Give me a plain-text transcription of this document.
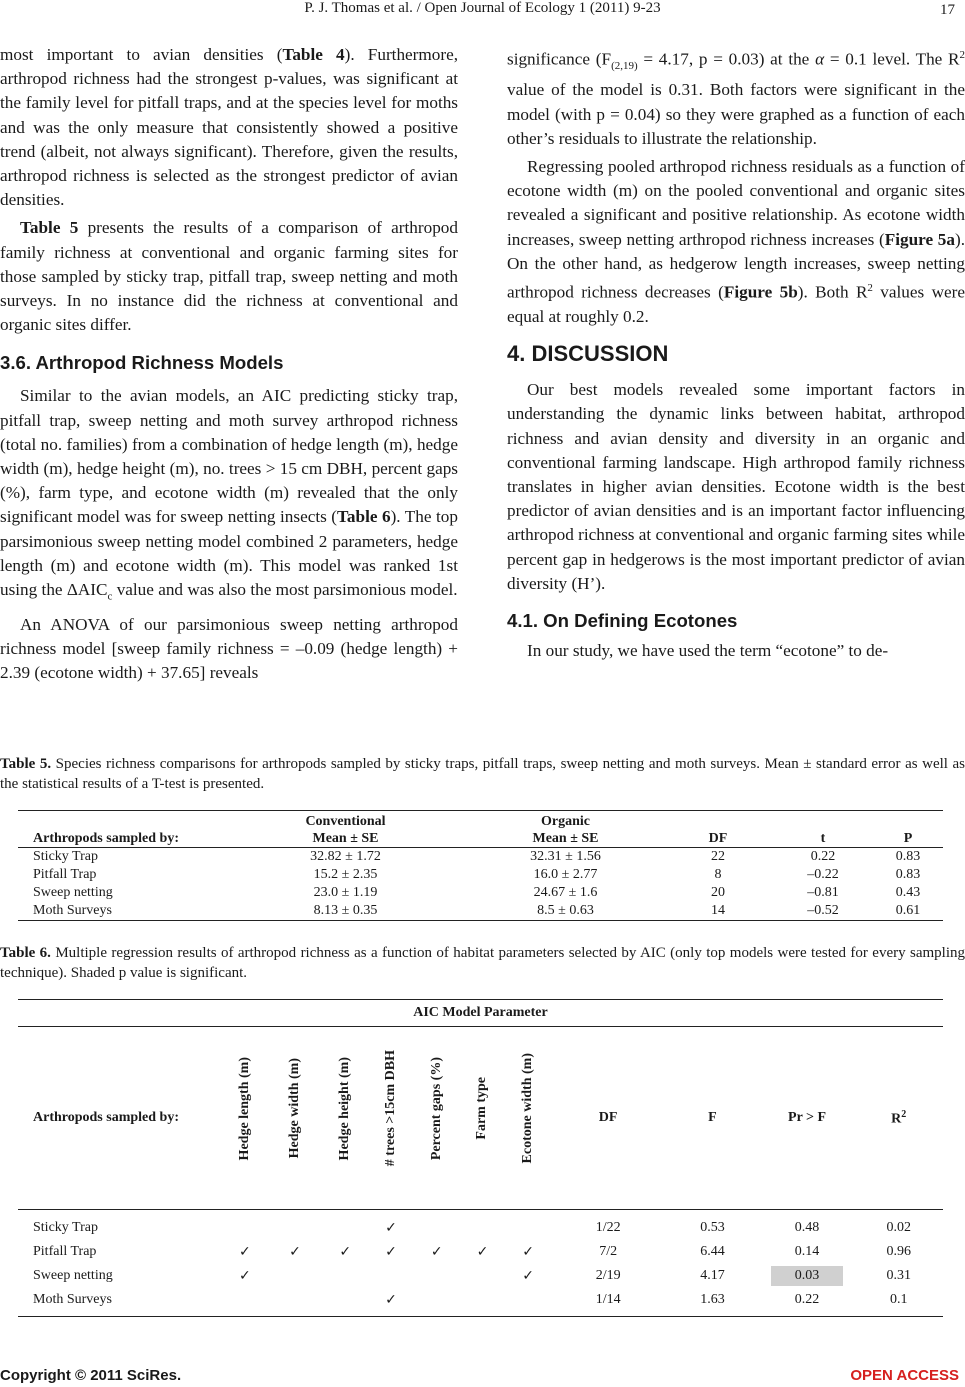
P. J. Thomas et al. / Open Journal of Ecology 1 (2011) 9-23	17

most important to avian densities (Table 4). Furthermore, arthropod richness had the strongest p-values, was significant at the family level for pitfall traps, and at the species level for moths and was the only measure that consistently showed a positive trend (albeit, not always significant). Therefore, given the results, arthropod richness is selected as the strongest predictor of avian densities.

Table 5 presents the results of a comparison of arthropod family richness at conventional and organic farming sites for those sampled by sticky trap, pitfall trap, sweep netting and moth surveys. In no instance did the richness at conventional and organic sites differ.

3.6. Arthropod Richness Models

Similar to the avian models, an AIC predicting sticky trap, pitfall trap, sweep netting and moth survey arthropod richness (total no. families) from a combination of hedge length (m), hedge width (m), hedge height (m), no. trees > 15 cm DBH, percent gaps (%), farm type, and ecotone width (m) revealed that the only significant model was for sweep netting insects (Table 6). The top parsimonious sweep netting model combined 2 parameters, hedge length (m) and ecotone width (m). This model was ranked 1st using the $\Delta AIC_c$ value and was also the most parsimonious model.

An ANOVA of our parsimonious sweep netting arthropod richness model [sweep family richness = –0.09 (hedge length) + 2.39 (ecotone width) + 37.65] reveals

significance ($F_{(2,19)} = 4.17$, p = 0.03) at the α = 0.1 level. The $R^2$ value of the model is 0.31. Both factors were significant in the model (with p = 0.04) so they were graphed as a function of each other’s residuals to illustrate the relationship.

Regressing pooled arthropod richness residuals as a function of ecotone width (m) on the pooled conventional and organic sites revealed a significant and positive relationship. As ecotone width increases, sweep netting arthropod richness increases (Figure 5a). On the other hand, as hedgerow length increases, sweep netting arthropod richness decreases (Figure 5b). Both $R^2$ values were equal at roughly 0.2.

4. DISCUSSION

Our best models revealed some important factors in understanding the dynamic links between habitat, arthropod richness and avian density and diversity in an organic and conventional farming landscape. High arthropod family richness translates in higher avian densities. Ecotone width is the best predictor of avian densities and is an important factor influencing arthropod richness at conventional and organic farming sites while percent gap in hedgerows is the most important predictor of avian diversity (H’).

4.1. On Defining Ecotones

In our study, we have used the term “ecotone” to de-

Table 5. Species richness comparisons for arthropods sampled by sticky traps, pitfall traps, sweep netting and moth surveys. Mean ± standard error as well as the statistical results of a T-test is presented.
	Conventional	Organic			
Arthropods sampled by:	Mean ± SE	Mean ± SE	DF	t	P
Sticky Trap	32.82 ± 1.72	32.31 ± 1.56	22	0.22	0.83
Pitfall Trap	15.2 ± 2.35	16.0 ± 2.77	8	–0.22	0.83
Sweep netting	23.0 ± 1.19	24.67 ± 1.6	20	–0.81	0.43
Moth Surveys	8.13 ± 0.35	8.5 ± 0.63	14	–0.52	0.61
Table 6. Multiple regression results of arthropod richness as a function of habitat parameters selected by AIC (only top models were tested for every sampling technique). Shaded p value is significant.
AIC Model Parameter											
Arthropods sampled by:	Hedge length (m)	Hedge width (m)	Hedge height (m)	# trees >15cm DBH	Percent gaps (%)	Farm type	Ecotone width (m)	DF	F	Pr > F	$R^2$
Sticky Trap				✓				1/22	0.53	0.48	0.02
Pitfall Trap	✓	✓	✓	✓	✓	✓	✓	7/2	6.44	0.14	0.96
Sweep netting	✓						✓	2/19	4.17	0.03	0.31
Moth Surveys				✓				1/14	1.63	0.22	0.1
Copyright © 2011 SciRes.	OPEN ACCESS
